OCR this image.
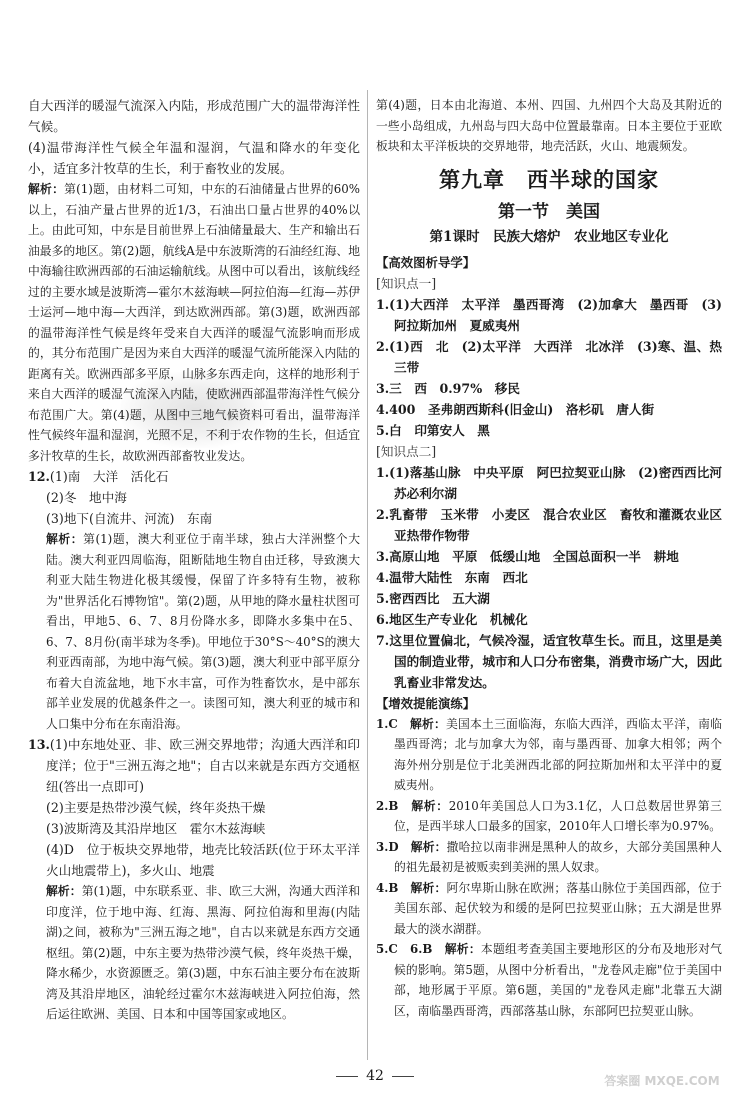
自大西洋的暖湿气流深入内陆，形成范围广大的温带海洋性气候。

(4)温带海洋性气候全年温和湿润，气温和降水的年变化小，适宜多汁牧草的生长，利于畜牧业的发展。

解析：第(1)题，由材料二可知，中东的石油储量占世界的60%以上，石油产量占世界的近1/3，石油出口量占世界的40%以上。由此可知，中东是目前世界上石油储量最大、生产和输出石油最多的地区。第(2)题，航线A是中东波斯湾的石油经红海、地中海输往欧洲西部的石油运输航线。从图中可以看出，该航线经过的主要水域是波斯湾—霍尔木兹海峡—阿拉伯海—红海—苏伊士运河—地中海—大西洋，到达欧洲西部。第(3)题，欧洲西部的温带海洋性气候是终年受来自大西洋的暖湿气流影响而形成的，其分布范围广是因为来自大西洋的暖湿气流所能深入内陆的距离有关。欧洲西部多平原，山脉多东西走向，这样的地形利于来自大西洋的暖湿气流深入内陆，使欧洲西部温带海洋性气候分布范围广大。第(4)题，从图中三地气候资料可看出，温带海洋性气候终年温和湿润，光照不足，不利于农作物的生长，但适宜多汁牧草的生长，故欧洲西部畜牧业发达。

12.(1)南　大洋　活化石

(2)冬　地中海

(3)地下(自流井、河流)　东南

解析：第(1)题，澳大利亚位于南半球，独占大洋洲整个大陆。澳大利亚四周临海，阻断陆地生物自由迁移，导致澳大利亚大陆生物进化极其缓慢，保留了许多特有生物，被称为"世界活化石博物馆"。第(2)题，从甲地的降水量柱状图可看出，甲地5、6、7、8月份降水多，即降水多集中在5、6、7、8月份(南半球为冬季)。甲地位于30°S～40°S的澳大利亚西南部，为地中海气候。第(3)题，澳大利亚中部平原分布着大自流盆地，地下水丰富，可作为牲畜饮水，是中部东部羊业发展的优越条件之一。读图可知，澳大利亚的城市和人口集中分布在东南沿海。

13.(1)中东地处亚、非、欧三洲交界地带；沟通大西洋和印度洋；位于"三洲五海之地"；自古以来就是东西方交通枢纽(答出一点即可)

(2)主要是热带沙漠气候，终年炎热干燥

(3)波斯湾及其沿岸地区　霍尔木兹海峡

(4)D　位于板块交界地带，地壳比较活跃(位于环太平洋火山地震带上)，多火山、地震

解析：第(1)题，中东联系亚、非、欧三大洲，沟通大西洋和印度洋，位于地中海、红海、黑海、阿拉伯海和里海(内陆湖)之间，被称为"三洲五海之地"，自古以来就是东西方交通枢纽。第(2)题，中东主要为热带沙漠气候，终年炎热干燥，降水稀少，水资源匮乏。第(3)题，中东石油主要分布在波斯湾及其沿岸地区，油轮经过霍尔木兹海峡进入阿拉伯海，然后运往欧洲、美国、日本和中国等国家或地区。

第(4)题，日本由北海道、本州、四国、九州四个大岛及其附近的一些小岛组成，九州岛与四大岛中位置最靠南。日本主要位于亚欧板块和太平洋板块的交界地带，地壳活跃，火山、地震频发。

第九章　西半球的国家
第一节　美国
第1课时　民族大熔炉　农业地区专业化

【高效图析导学】

[知识点一]

1.(1)大西洋　太平洋　墨西哥湾　(2)加拿大　墨西哥　(3)阿拉斯加州　夏威夷州

2.(1)西　北　(2)太平洋　大西洋　北冰洋　(3)寒、温、热三带

3.三　西　0.97%　移民

4.400　圣弗朗西斯科(旧金山)　洛杉矶　唐人街

5.白　印第安人　黑

[知识点二]

1.(1)落基山脉　中央平原　阿巴拉契亚山脉　(2)密西西比河　苏必利尔湖

2.乳畜带　玉米带　小麦区　混合农业区　畜牧和灌溉农业区　亚热带作物带

3.高原山地　平原　低缓山地　全国总面积一半　耕地

4.温带大陆性　东南　西北

5.密西西比　五大湖

6.地区生产专业化　机械化

7.这里位置偏北，气候冷湿，适宜牧草生长。而且，这里是美国的制造业带，城市和人口分布密集，消费市场广大，因此乳畜业非常发达。

【增效提能演练】

1.C　 解析：美国本土三面临海，东临大西洋，西临太平洋，南临墨西哥湾；北与加拿大为邻，南与墨西哥、加拿大相邻；两个海外州分别是位于北美洲西北部的阿拉斯加州和太平洋中的夏威夷州。

2.B　 解析：2010年美国总人口为3.1亿，人口总数居世界第三位，是西半球人口最多的国家，2010年人口增长率为0.97%。

3.D　 解析：撒哈拉以南非洲是黑种人的故乡，大部分美国黑种人的祖先最初是被贩卖到美洲的黑人奴隶。

4.B　 解析：阿尔卑斯山脉在欧洲；落基山脉位于美国西部，位于美国东部、起伏较为和缓的是阿巴拉契亚山脉；五大湖是世界最大的淡水湖群。

5.C　6.B　 解析：本题组考查美国主要地形区的分布及地形对气候的影响。第5题，从图中分析看出，"龙卷风走廊"位于美国中部，地形属于平原。第6题，美国的"龙卷风走廊"北靠五大湖区，南临墨西哥湾，西部落基山脉，东部阿巴拉契亚山脉。

42	答案圈 MXQE.COM
